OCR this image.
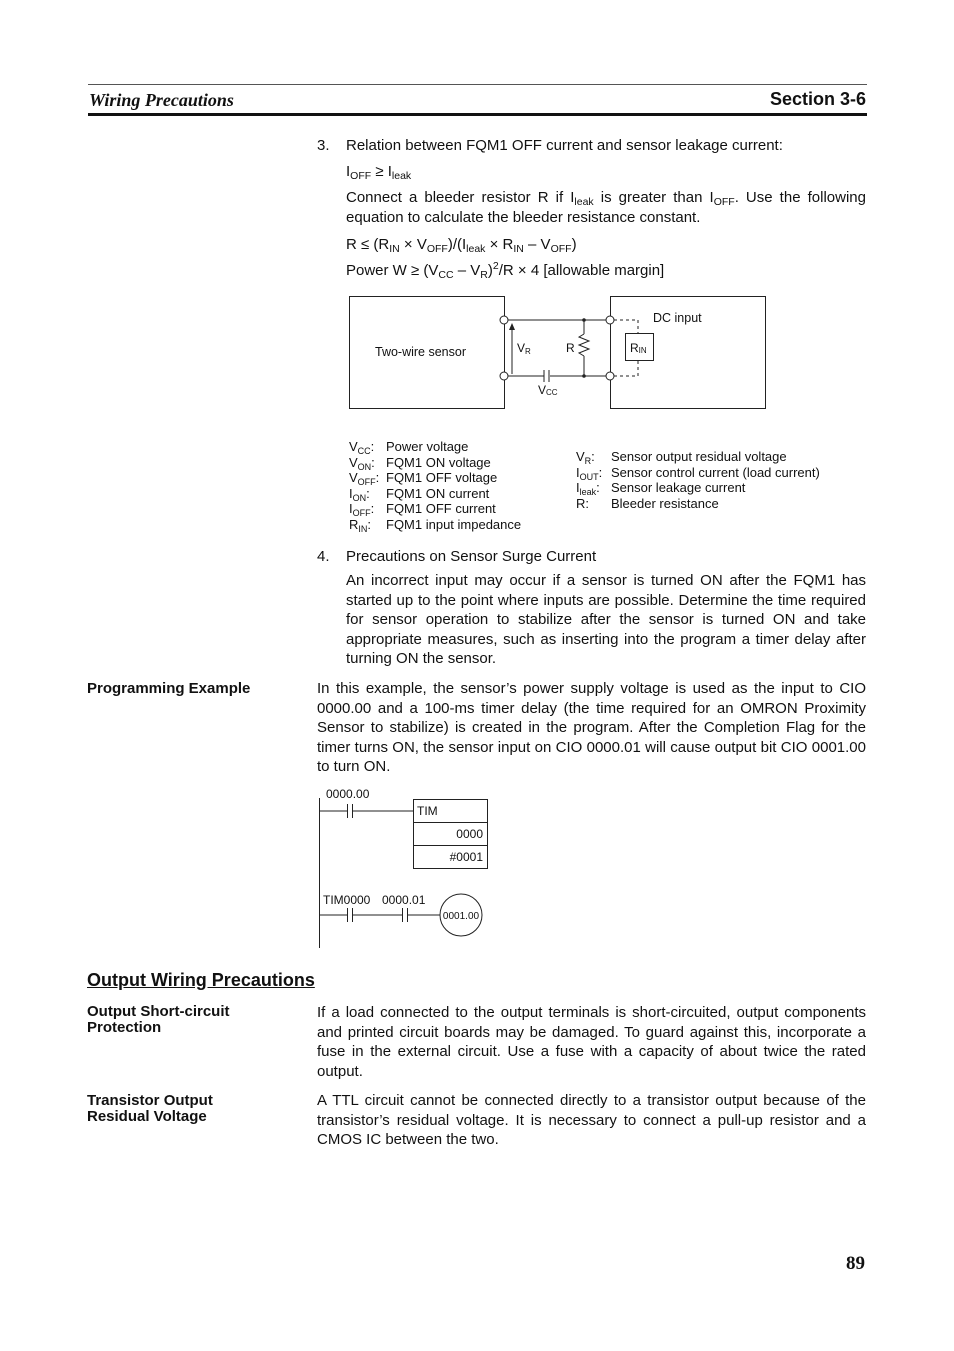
Wiring Precautions	Section 3-6
3. Relation between FQM1 OFF current and sensor leakage current:
$I_{OFF} \ge I_{leak}$
Connect a bleeder resistor R if $I_{leak}$ is greater than $I_{OFF}$. Use the following equation to calculate the bleeder resistance constant.
$R \le (R_{IN} \times V_{OFF})/(I_{leak} \times R_{IN} - V_{OFF})$
Power $W \ge (V_{CC} - V_R)^2/R \times 4$ [allowable margin]
Two-wire sensor
DC input
VR	R	RIN
VCC
$V_{CC}$:	Power voltage
$V_{ON}$:	FQM1 ON voltage
$V_{OFF}$:	FQM1 OFF voltage
$I_{ON}$:	FQM1 ON current
$I_{OFF}$:	FQM1 OFF current
$R_{IN}$:	FQM1 input impedance
$V_R$:	Sensor output residual voltage
$I_{OUT}$:	Sensor control current (load current)
$I_{leak}$:	Sensor leakage current
R:	Bleeder resistance
4. Precautions on Sensor Surge Current
An incorrect input may occur if a sensor is turned ON after the FQM1 has started up to the point where inputs are possible. Determine the time required for sensor operation to stabilize after the sensor is turned ON and take appropriate measures, such as inserting into the program a timer delay after turning ON the sensor.
Programming Example	In this example, the sensor’s power supply voltage is used as the input to CIO 0000.00 and a 100-ms timer delay (the time required for an OMRON Proximity Sensor to stabilize) is created in the program. After the Completion Flag for the timer turns ON, the sensor input on CIO 0000.01 will cause output bit CIO 0001.00 to turn ON.
0000.00
TIM
0000
#0001
TIM0000 0000.01
0001.00
Output Wiring Precautions
Output Short-circuit
Protection
If a load connected to the output terminals is short-circuited, output components and printed circuit boards may be damaged. To guard against this, incorporate a fuse in the external circuit. Use a fuse with a capacity of about twice the rated output.
Transistor Output
Residual Voltage
A TTL circuit cannot be connected directly to a transistor output because of the transistor’s residual voltage. It is necessary to connect a pull-up resistor and a CMOS IC between the two.
89
